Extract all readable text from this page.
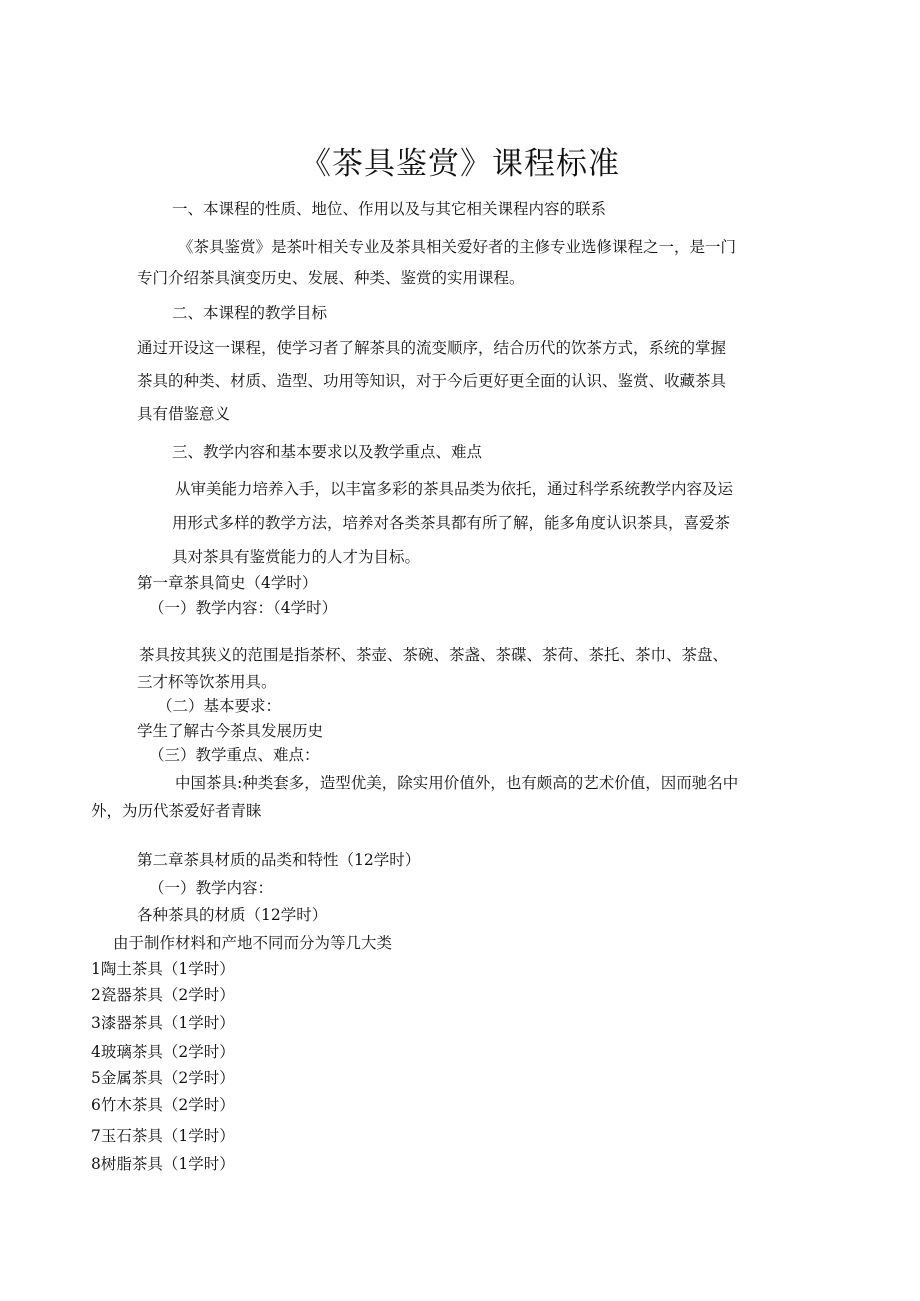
《茶具鉴赏》课程标准

一、本课程的性质、地位、作用以及与其它相关课程内容的联系

《茶具鉴赏》是茶叶相关专业及茶具相关爱好者的主修专业选修课程之一，是一门

专门介绍茶具演变历史、发展、种类、鉴赏的实用课程。

二、本课程的教学目标

通过开设这一课程，使学习者了解茶具的流变顺序，结合历代的饮茶方式，系统的掌握

茶具的种类、材质、造型、功用等知识，对于今后更好更全面的认识、鉴赏、收藏茶具

具有借鉴意义

三、教学内容和基本要求以及教学重点、难点

从审美能力培养入手，以丰富多彩的茶具品类为依托，通过科学系统教学内容及运

用形式多样的教学方法，培养对各类茶具都有所了解，能多角度认识茶具，喜爱茶

具对茶具有鉴赏能力的人才为目标。

第一章茶具简史（4学时）

（一）教学内容：（4学时）

茶具按其狭义的范围是指茶杯、茶壶、茶碗、茶盏、茶碟、茶荷、茶托、茶巾、茶盘、

三才杯等饮茶用具。

（二）基本要求：

学生了解古今茶具发展历史

（三）教学重点、难点：

中国茶具:种类套多，造型优美，除实用价值外，也有颇高的艺术价值，因而驰名中

外，为历代茶爱好者青睐

第二章茶具材质的品类和特性（12学时）

（一）教学内容：

各种茶具的材质（12学时）

由于制作材料和产地不同而分为等几大类

1陶土茶具（1学时）

2瓷器茶具（2学时）

3漆器茶具（1学时）

4玻璃茶具（2学时）

5金属茶具（2学时）

6竹木茶具（2学时）

7玉石茶具（1学时）

8树脂茶具（1学时）
